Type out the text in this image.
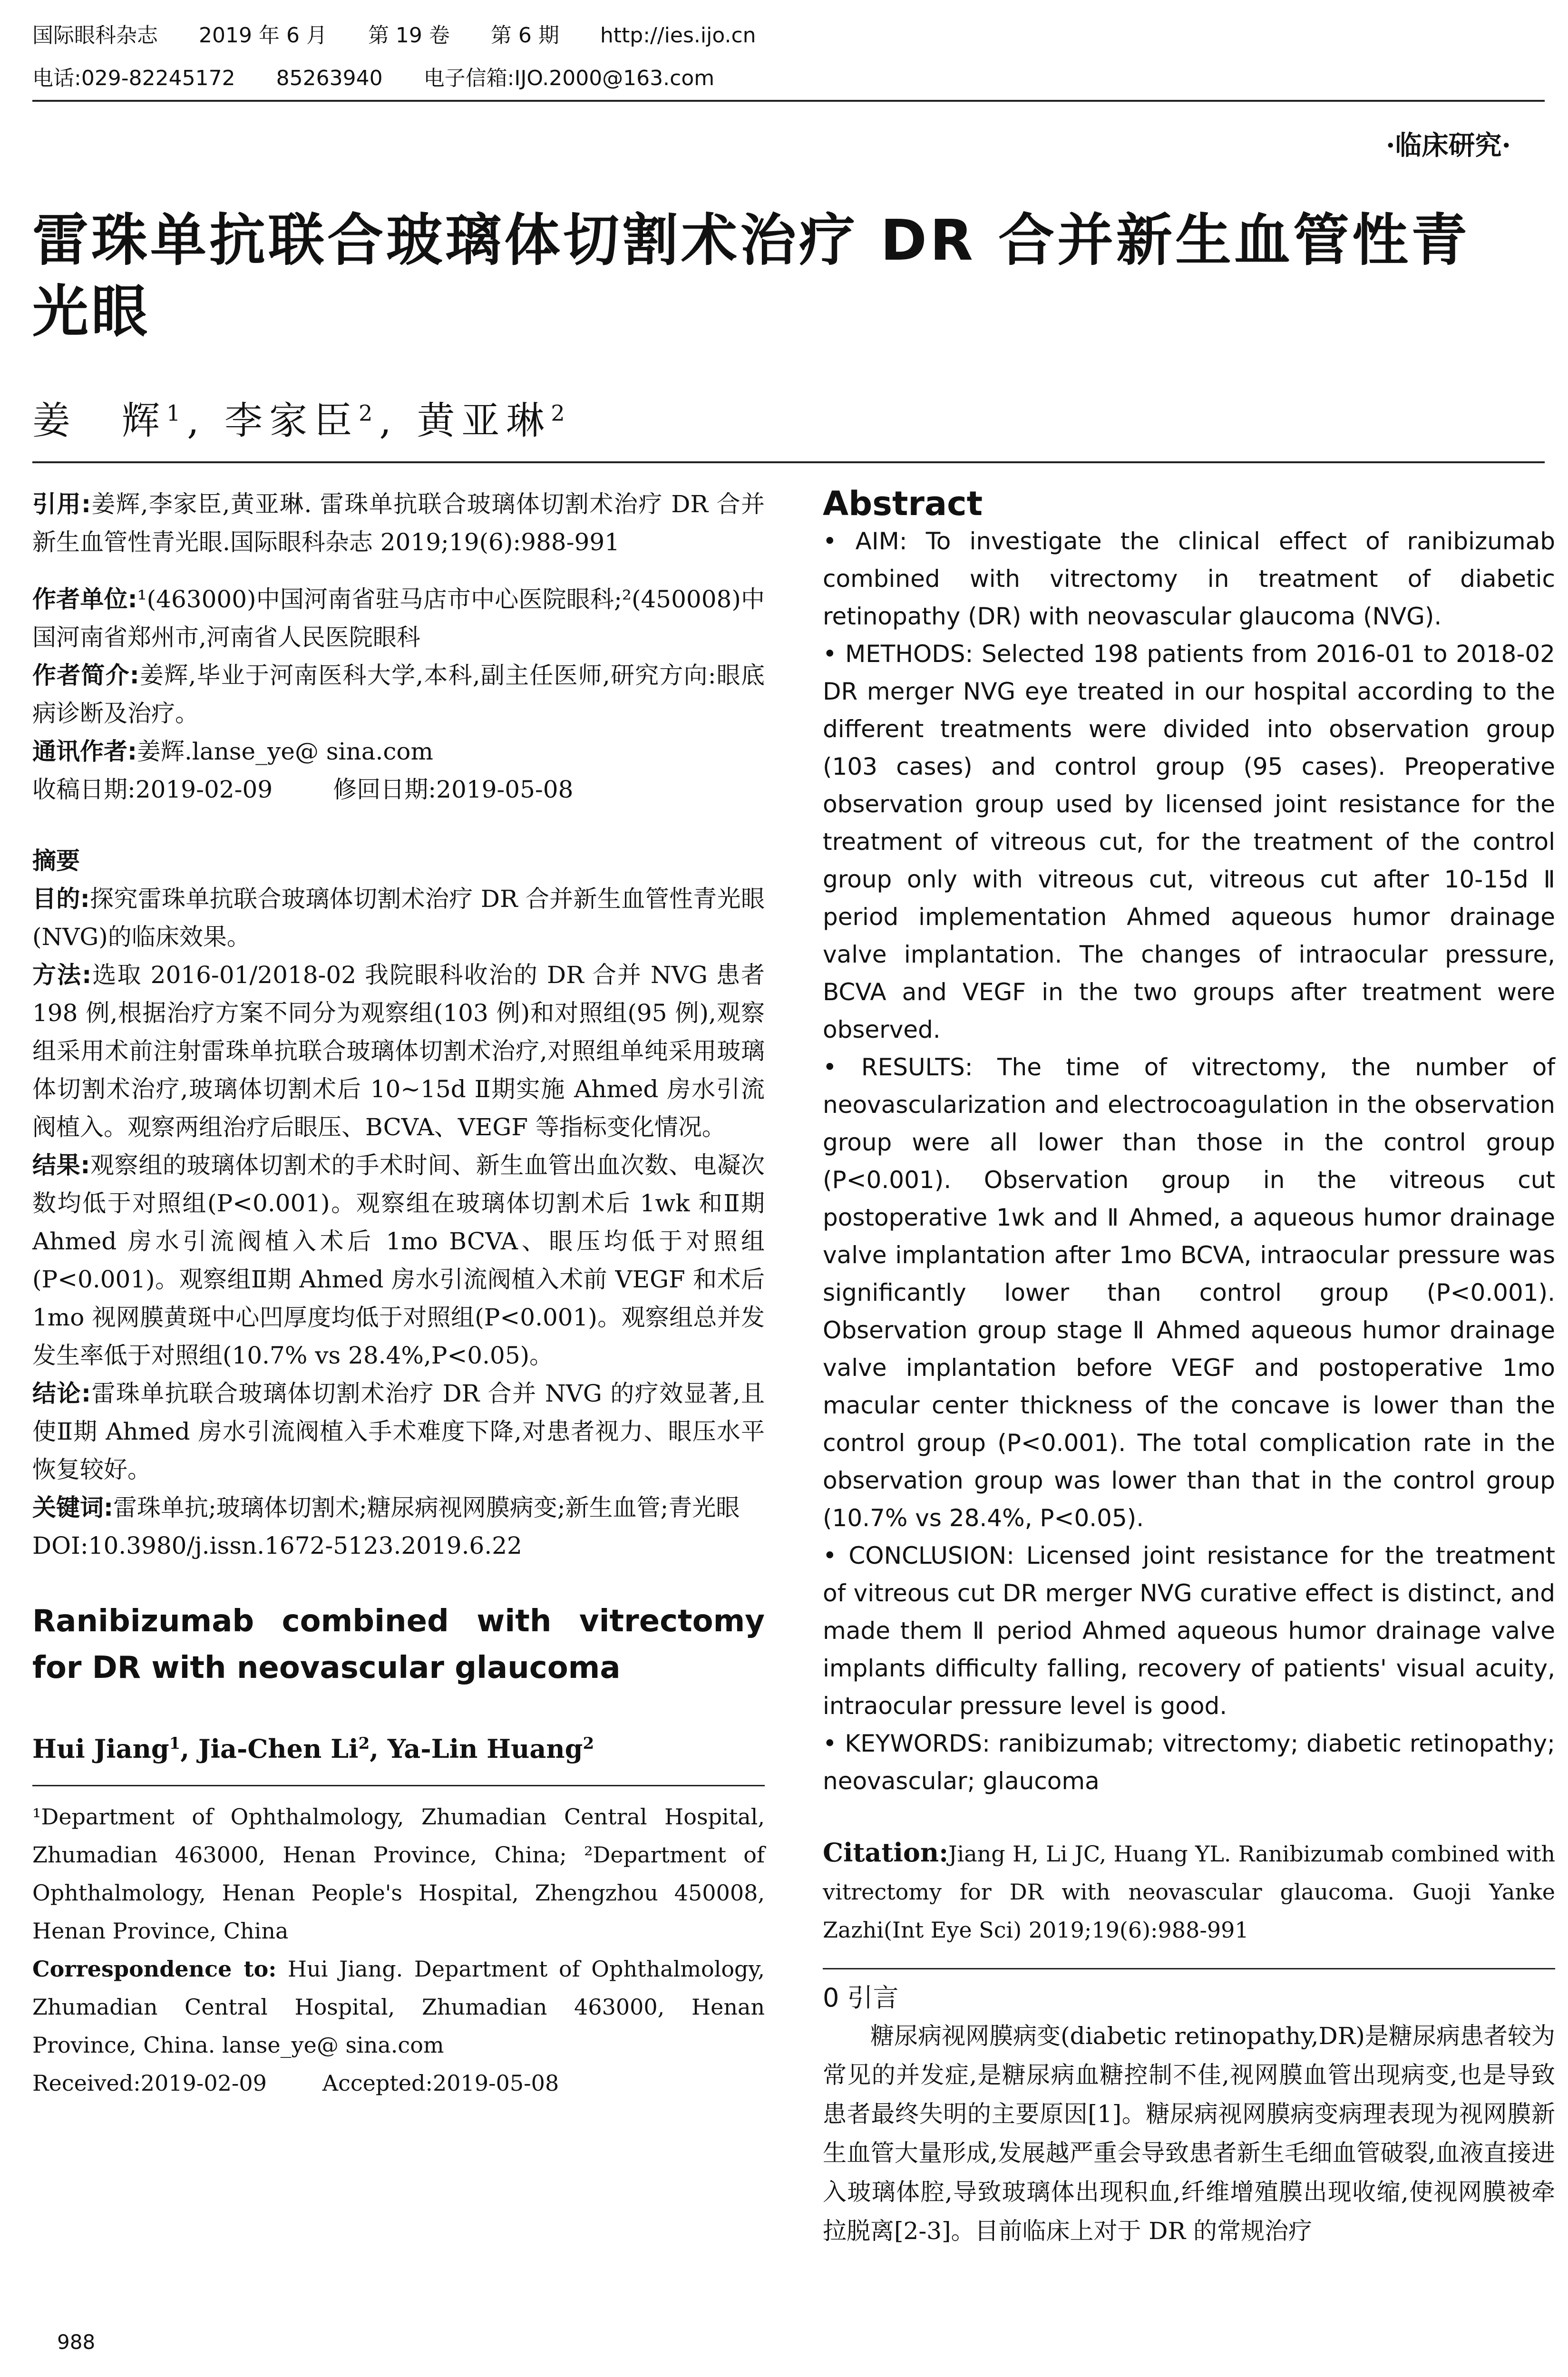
国际眼科杂志 2019 年 6 月 第 19 卷 第 6 期 http://ies.ijo.cn
电话:029-82245172 85263940 电子信箱:IJO.2000@163.com
·临床研究·
雷珠单抗联合玻璃体切割术治疗 DR 合并新生血管性青光眼
姜　辉$^1$, 李家臣$^2$, 黄亚琳$^2$

引用:姜辉,李家臣,黄亚琳. 雷珠单抗联合玻璃体切割术治疗 DR 合并新生血管性青光眼.国际眼科杂志 2019;19(6):988-991

作者单位:¹(463000)中国河南省驻马店市中心医院眼科;²(450008)中国河南省郑州市,河南省人民医院眼科

作者简介:姜辉,毕业于河南医科大学,本科,副主任医师,研究方向:眼底病诊断及治疗。

通讯作者:姜辉.lanse_ye@ sina.com

收稿日期:2019-02-09	修回日期:2019-05-08

摘要

目的:探究雷珠单抗联合玻璃体切割术治疗 DR 合并新生血管性青光眼(NVG)的临床效果。

方法:选取 2016-01/2018-02 我院眼科收治的 DR 合并 NVG 患者 198 例,根据治疗方案不同分为观察组(103 例)和对照组(95 例),观察组采用术前注射雷珠单抗联合玻璃体切割术治疗,对照组单纯采用玻璃体切割术治疗,玻璃体切割术后 10~15d Ⅱ期实施 Ahmed 房水引流阀植入。观察两组治疗后眼压、BCVA、VEGF 等指标变化情况。

结果:观察组的玻璃体切割术的手术时间、新生血管出血次数、电凝次数均低于对照组(P<0.001)。观察组在玻璃体切割术后 1wk 和Ⅱ期 Ahmed 房水引流阀植入术后 1mo BCVA、眼压均低于对照组(P<0.001)。观察组Ⅱ期 Ahmed 房水引流阀植入术前 VEGF 和术后 1mo 视网膜黄斑中心凹厚度均低于对照组(P<0.001)。观察组总并发发生率低于对照组(10.7% vs 28.4%,P<0.05)。

结论:雷珠单抗联合玻璃体切割术治疗 DR 合并 NVG 的疗效显著,且使Ⅱ期 Ahmed 房水引流阀植入手术难度下降,对患者视力、眼压水平恢复较好。

关键词:雷珠单抗;玻璃体切割术;糖尿病视网膜病变;新生血管;青光眼

DOI:10.3980/j.issn.1672-5123.2019.6.22

Ranibizumab combined with vitrectomy for DR with neovascular glaucoma

Hui Jiang$^1$, Jia-Chen Li$^2$, Ya-Lin Huang$^2$

¹Department of Ophthalmology, Zhumadian Central Hospital, Zhumadian 463000, Henan Province, China; ²Department of Ophthalmology, Henan People's Hospital, Zhengzhou 450008, Henan Province, China

Correspondence to: Hui Jiang. Department of Ophthalmology, Zhumadian Central Hospital, Zhumadian 463000, Henan Province, China. lanse_ye@ sina.com

Received:2019-02-09	Accepted:2019-05-08

Abstract

• AIM: To investigate the clinical effect of ranibizumab combined with vitrectomy in treatment of diabetic retinopathy (DR) with neovascular glaucoma (NVG).

• METHODS: Selected 198 patients from 2016-01 to 2018-02 DR merger NVG eye treated in our hospital according to the different treatments were divided into observation group (103 cases) and control group (95 cases). Preoperative observation group used by licensed joint resistance for the treatment of vitreous cut, for the treatment of the control group only with vitreous cut, vitreous cut after 10-15d Ⅱ period implementation Ahmed aqueous humor drainage valve implantation. The changes of intraocular pressure, BCVA and VEGF in the two groups after treatment were observed.

• RESULTS: The time of vitrectomy, the number of neovascularization and electrocoagulation in the observation group were all lower than those in the control group (P<0.001). Observation group in the vitreous cut postoperative 1wk and Ⅱ Ahmed, a aqueous humor drainage valve implantation after 1mo BCVA, intraocular pressure was significantly lower than control group (P<0.001). Observation group stage Ⅱ Ahmed aqueous humor drainage valve implantation before VEGF and postoperative 1mo macular center thickness of the concave is lower than the control group (P<0.001). The total complication rate in the observation group was lower than that in the control group (10.7% vs 28.4%, P<0.05).

• CONCLUSION: Licensed joint resistance for the treatment of vitreous cut DR merger NVG curative effect is distinct, and made them Ⅱ period Ahmed aqueous humor drainage valve implants difficulty falling, recovery of patients' visual acuity, intraocular pressure level is good.

• KEYWORDS: ranibizumab; vitrectomy; diabetic retinopathy; neovascular; glaucoma

Citation:Jiang H, Li JC, Huang YL. Ranibizumab combined with vitrectomy for DR with neovascular glaucoma. Guoji Yanke Zazhi(Int Eye Sci) 2019;19(6):988-991

0 引言

糖尿病视网膜病变(diabetic retinopathy,DR)是糖尿病患者较为常见的并发症,是糖尿病血糖控制不佳,视网膜血管出现病变,也是导致患者最终失明的主要原因[1]。糖尿病视网膜病变病理表现为视网膜新生血管大量形成,发展越严重会导致患者新生毛细血管破裂,血液直接进入玻璃体腔,导致玻璃体出现积血,纤维增殖膜出现收缩,使视网膜被牵拉脱离[2-3]。目前临床上对于 DR 的常规治疗

988
